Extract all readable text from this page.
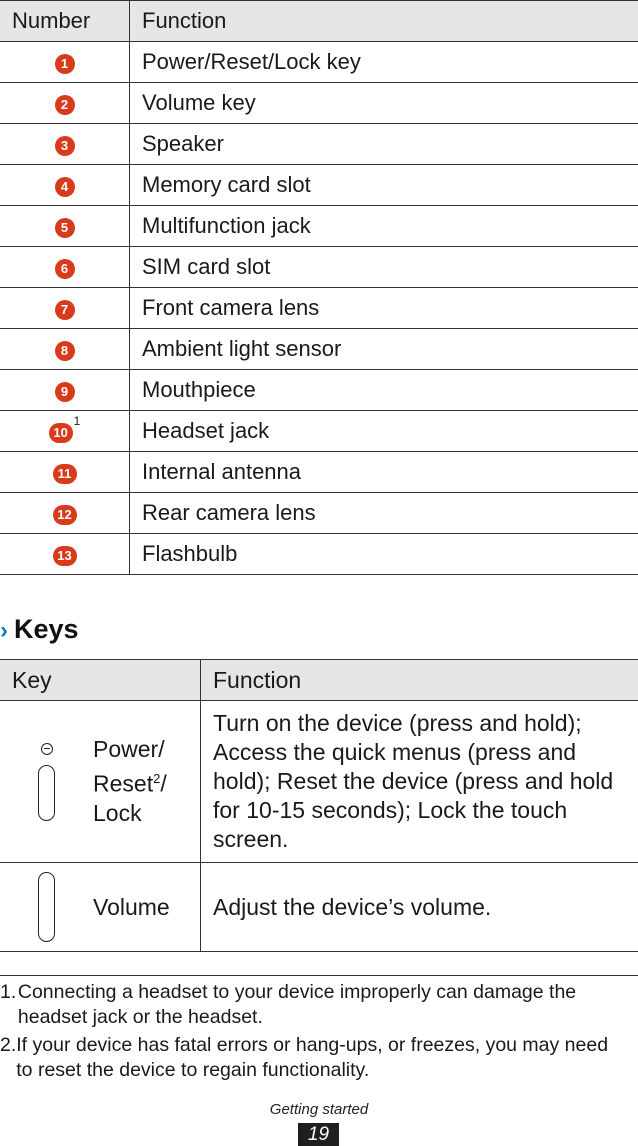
Number	Function
1	Power/Reset/Lock key
2	Volume key
3	Speaker
4	Memory card slot
5	Multifunction jack
6	SIM card slot
7	Front camera lens
8	Ambient light sensor
9	Mouthpiece
$10^1$	Headset jack
11	Internal antenna
12	Rear camera lens
13	Flashbulb
› Keys
Key	Function

Power/
Reset$^2$/
Lock	Turn on the device (press and hold); Access the quick menus (press and hold); Reset the device (press and hold for 10-15 seconds); Lock the touch screen.

Volume	Adjust the device’s volume.
1. Connecting a headset to your device improperly can damage the headset jack or the headset.
2. If your device has fatal errors or hang-ups, or freezes, you may need to reset the device to regain functionality.
Getting started
19
